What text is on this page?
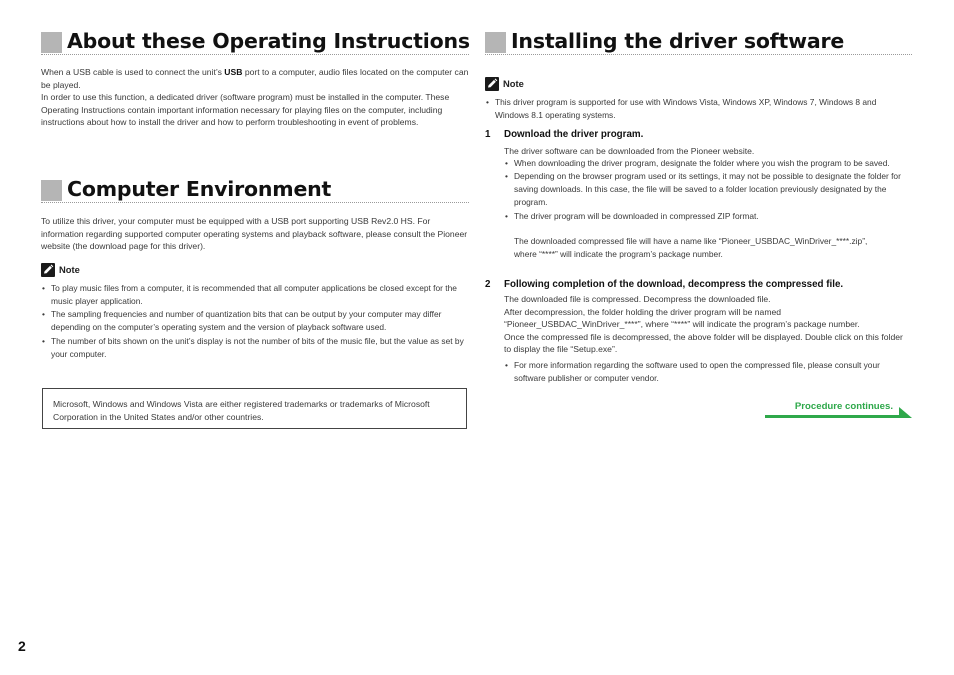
About these Operating Instructions

When a USB cable is used to connect the unit’s USB port to a computer, audio files located on the computer can be played.

In order to use this function, a dedicated driver (software program) must be installed in the computer. These Operating Instructions contain important information necessary for playing files on the computer, including instructions about how to install the driver and how to perform troubleshooting in event of problems.

Computer Environment
To utilize this driver, your computer must be equipped with a USB port supporting USB Rev2.0 HS. For information regarding supported computer operating systems and playback software, please consult the Pioneer website (the download page for this driver).
Note
• To play music files from a computer, it is recommended that all computer applications be closed except for the music player application.
• The sampling frequencies and number of quantization bits that can be output by your computer may differ depending on the computer’s operating system and the version of playback software used.
• The number of bits shown on the unit’s display is not the number of bits of the music file, but the value as set by your computer.
Microsoft, Windows and Windows Vista are either registered trademarks or trademarks of Microsoft Corporation in the United States and/or other countries.
Installing the driver software
Note
• This driver program is supported for use with Windows Vista, Windows XP, Windows 7, Windows 8 and Windows 8.1 operating systems.
1 Download the driver program.
The driver software can be downloaded from the Pioneer website.
• When downloading the driver program, designate the folder where you wish the program to be saved.
• Depending on the browser program used or its settings, it may not be possible to designate the folder for saving downloads. In this case, the file will be saved to a folder location previously designated by the program.
• The driver program will be downloaded in compressed ZIP format.

The downloaded compressed file will have a name like “Pioneer_USBDAC_WinDriver_****.zip”,

where “****” will indicate the program’s package number.

2 Following completion of the download, decompress the compressed file.

The downloaded file is compressed. Decompress the downloaded file.

After decompression, the folder holding the driver program will be named “Pioneer_USBDAC_WinDriver_****”, where “****” will indicate the program’s package number.

Once the compressed file is decompressed, the above folder will be displayed. Double click on this folder to display the file “Setup.exe”.

• For more information regarding the software used to open the compressed file, please consult your software publisher or computer vendor.
Procedure continues.
2
